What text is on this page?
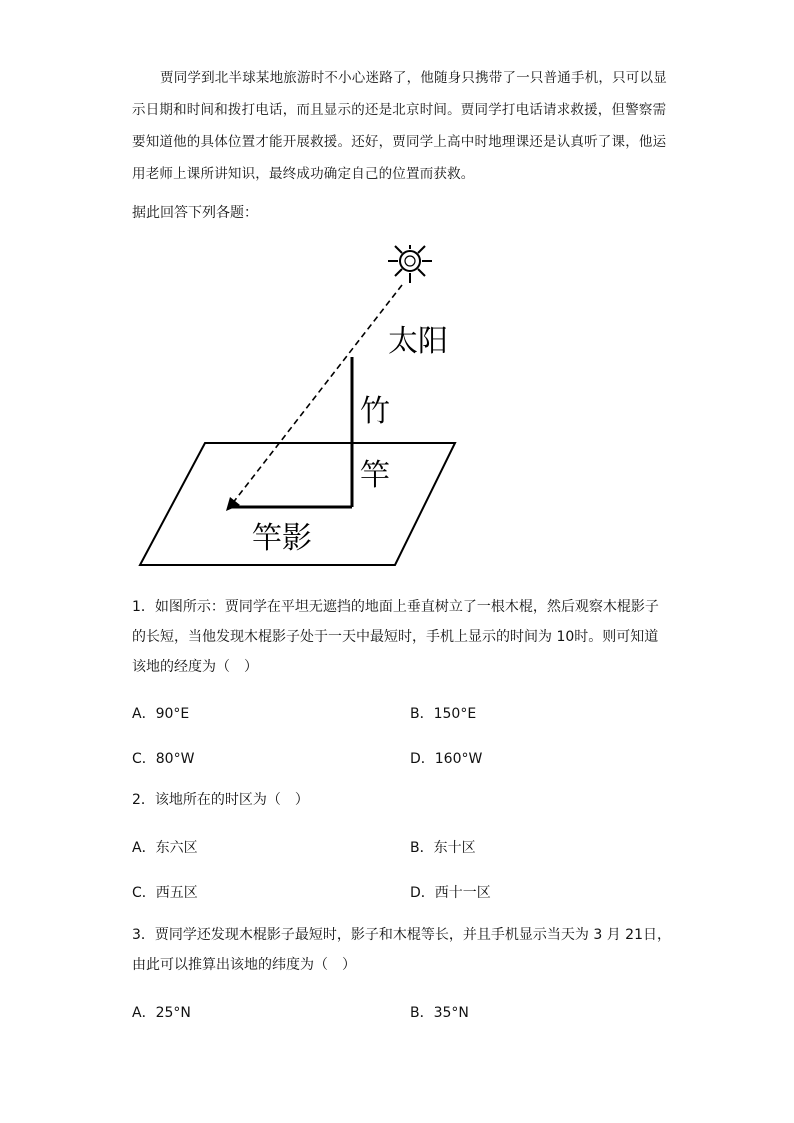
贾同学到北半球某地旅游时不小心迷路了，他随身只携带了一只普通手机，只可以显示日期和时间和拨打电话，而且显示的还是北京时间。贾同学打电话请求救援，但警察需要知道他的具体位置才能开展救援。还好，贾同学上高中时地理课还是认真听了课，他运用老师上课所讲知识，最终成功确定自己的位置而获救。
据此回答下列各题：
太阳
竹
竿
竿影
1．如图所示：贾同学在平坦无遮挡的地面上垂直树立了一根木棍，然后观察木棍影子的长短，当他发现木棍影子处于一天中最短时，手机上显示的时间为 10时。则可知道该地的经度为（　）
A．90°E	B．150°E
C．80°W	D．160°W
2．该地所在的时区为（　）
A．东六区	B．东十区
C．西五区	D．西十一区
3．贾同学还发现木棍影子最短时，影子和木棍等长，并且手机显示当天为 3 月 21日，由此可以推算出该地的纬度为（　）
A．25°N	B．35°N
